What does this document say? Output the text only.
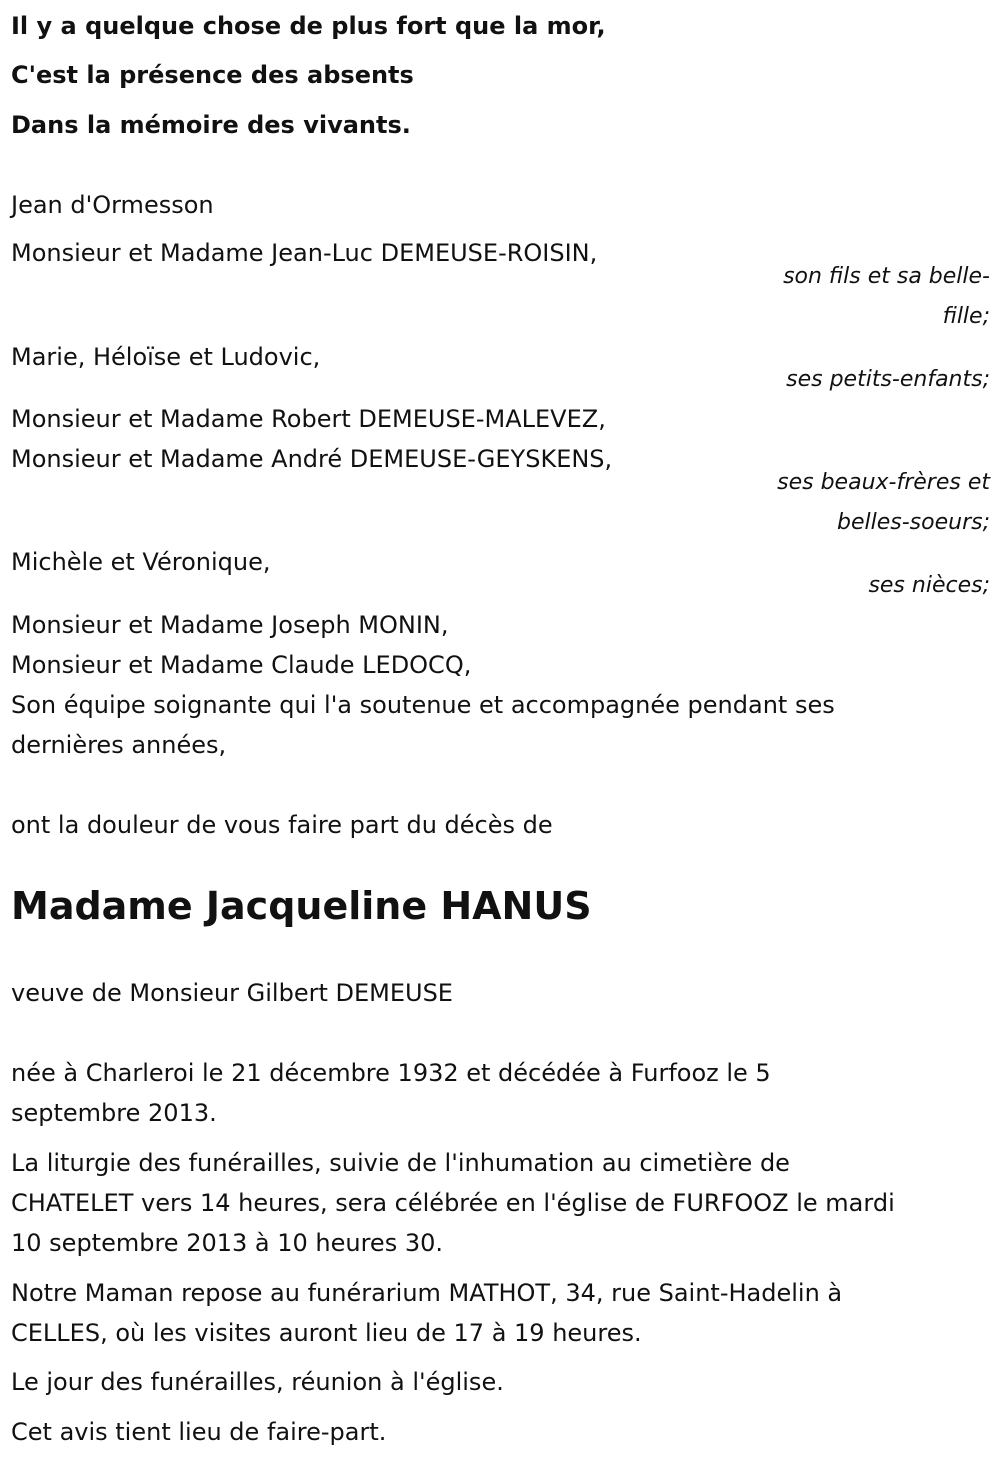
Il y a quelque chose de plus fort que la mor,

C'est la présence des absents

Dans la mémoire des vivants.

Jean d'Ormesson

Monsieur et Madame Jean-Luc DEMEUSE-ROISIN,

son fils et sa belle-

fille;

Marie, Héloïse et Ludovic,

ses petits-enfants;

Monsieur et Madame Robert DEMEUSE-MALEVEZ,

Monsieur et Madame André DEMEUSE-GEYSKENS,

ses beaux-frères et

belles-soeurs;

Michèle et Véronique,

ses nièces;

Monsieur et Madame Joseph MONIN,

Monsieur et Madame Claude LEDOCQ,

Son équipe soignante qui l'a soutenue et accompagnée pendant ses

dernières années,

ont la douleur de vous faire part du décès de

Madame Jacqueline HANUS

veuve de Monsieur Gilbert DEMEUSE

née à Charleroi le 21 décembre 1932 et décédée à Furfooz le 5

septembre 2013.

La liturgie des funérailles, suivie de l'inhumation au cimetière de

CHATELET vers 14 heures, sera célébrée en l'église de FURFOOZ le mardi

10 septembre 2013 à 10 heures 30.

Notre Maman repose au funérarium MATHOT, 34, rue Saint-Hadelin à

CELLES, où les visites auront lieu de 17 à 19 heures.

Le jour des funérailles, réunion à l'église.

Cet avis tient lieu de faire-part.
